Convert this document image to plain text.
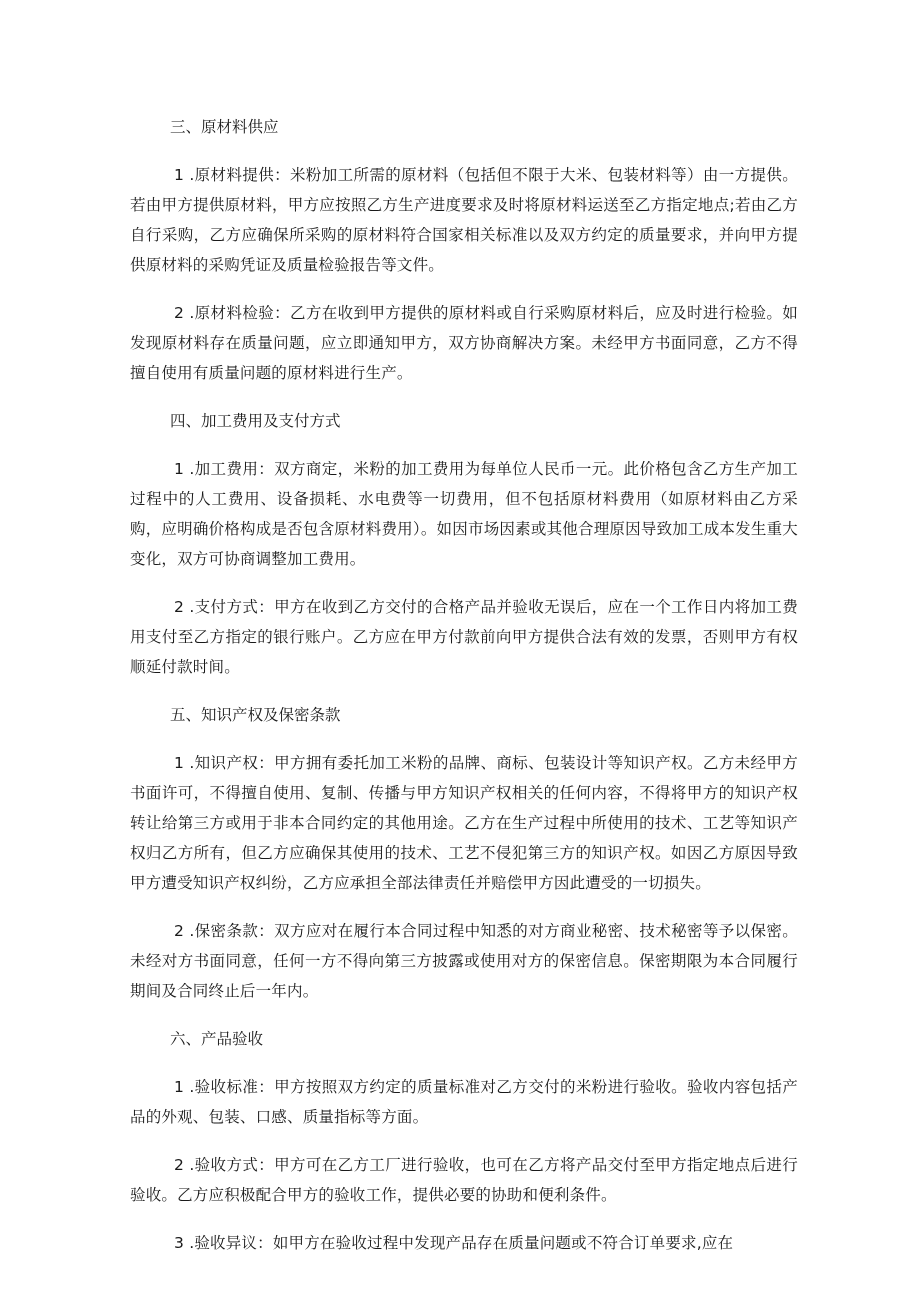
三、原材料供应

1 .原材料提供：米粉加工所需的原材料（包括但不限于大米、包装材料等）由一方提供。若由甲方提供原材料，甲方应按照乙方生产进度要求及时将原材料运送至乙方指定地点;若由乙方自行采购，乙方应确保所采购的原材料符合国家相关标准以及双方约定的质量要求，并向甲方提供原材料的采购凭证及质量检验报告等文件。

2 .原材料检验：乙方在收到甲方提供的原材料或自行采购原材料后，应及时进行检验。如发现原材料存在质量问题，应立即通知甲方，双方协商解决方案。未经甲方书面同意，乙方不得擅自使用有质量问题的原材料进行生产。

四、加工费用及支付方式

1 .加工费用：双方商定，米粉的加工费用为每单位人民币一元。此价格包含乙方生产加工过程中的人工费用、设备损耗、水电费等一切费用，但不包括原材料费用（如原材料由乙方采购，应明确价格构成是否包含原材料费用）。如因市场因素或其他合理原因导致加工成本发生重大变化，双方可协商调整加工费用。

2 .支付方式：甲方在收到乙方交付的合格产品并验收无误后，应在一个工作日内将加工费用支付至乙方指定的银行账户。乙方应在甲方付款前向甲方提供合法有效的发票，否则甲方有权顺延付款时间。

五、知识产权及保密条款

1 .知识产权：甲方拥有委托加工米粉的品牌、商标、包装设计等知识产权。乙方未经甲方书面许可，不得擅自使用、复制、传播与甲方知识产权相关的任何内容，不得将甲方的知识产权转让给第三方或用于非本合同约定的其他用途。乙方在生产过程中所使用的技术、工艺等知识产权归乙方所有，但乙方应确保其使用的技术、工艺不侵犯第三方的知识产权。如因乙方原因导致甲方遭受知识产权纠纷，乙方应承担全部法律责任并赔偿甲方因此遭受的一切损失。

2 .保密条款：双方应对在履行本合同过程中知悉的对方商业秘密、技术秘密等予以保密。未经对方书面同意，任何一方不得向第三方披露或使用对方的保密信息。保密期限为本合同履行期间及合同终止后一年内。

六、产品验收

1 .验收标准：甲方按照双方约定的质量标准对乙方交付的米粉进行验收。验收内容包括产品的外观、包装、口感、质量指标等方面。

2 .验收方式：甲方可在乙方工厂进行验收，也可在乙方将产品交付至甲方指定地点后进行验收。乙方应积极配合甲方的验收工作，提供必要的协助和便利条件。

3 .验收异议：如甲方在验收过程中发现产品存在质量问题或不符合订单要求,应在
